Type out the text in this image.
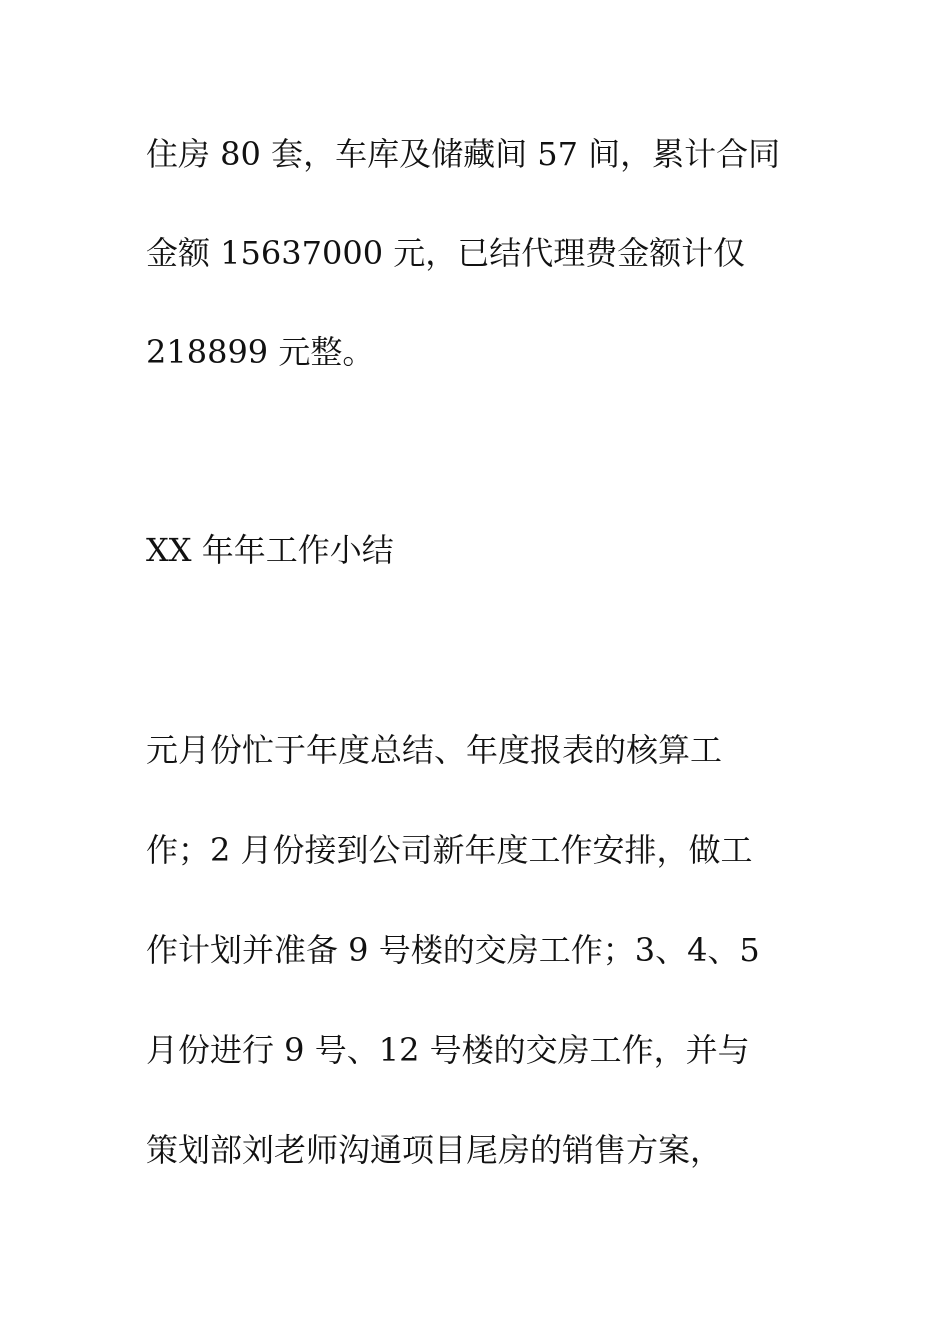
住房 80 套，车库及储藏间 57 间，累计合同

金额 15637000 元，已结代理费金额计仅

218899 元整。

XX 年年工作小结

元月份忙于年度总结、年度报表的核算工

作；2 月份接到公司新年度工作安排，做工

作计划并准备 9 号楼的交房工作；3、4、5

月份进行 9 号、12 号楼的交房工作，并与

策划部刘老师沟通项目尾房的销售方案，
